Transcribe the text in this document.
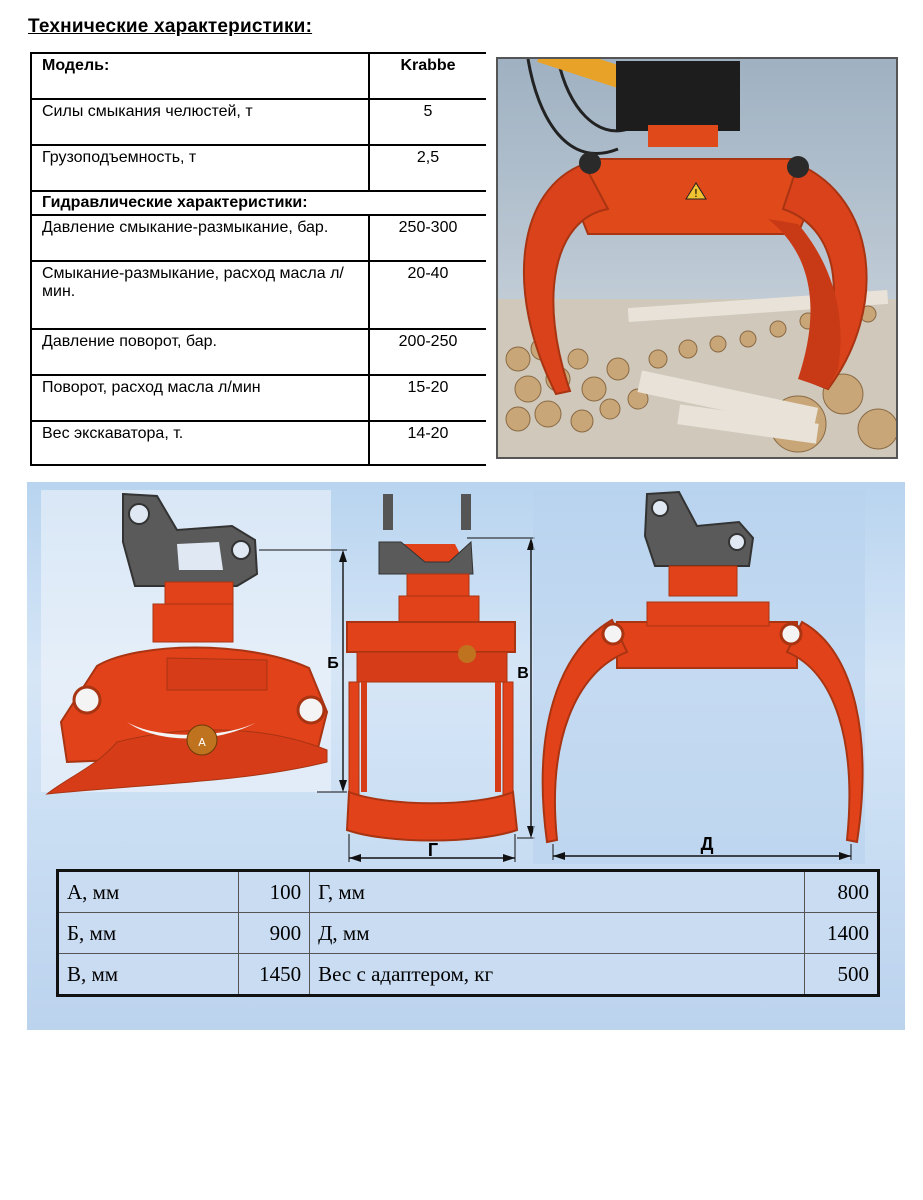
Технические характеристики:
Модель:	Krabbe
Силы смыкания челюстей, т	5
Грузоподъемность, т	2,5
Гидравлические характеристики:	
Давление смыкание-размыкание, бар.	250-300
Смыкание-размыкание, расход масла л/мин.	20-40
Давление поворот, бар.	200-250
Поворот, расход масла л/мин	15-20
Вес экскаватора, т.	14-20
!
А
Б
Г
В
Д
А, мм	100	Г, мм	800
Б, мм	900	Д, мм	1400
В, мм	1450	Вес с адаптером, кг	500
